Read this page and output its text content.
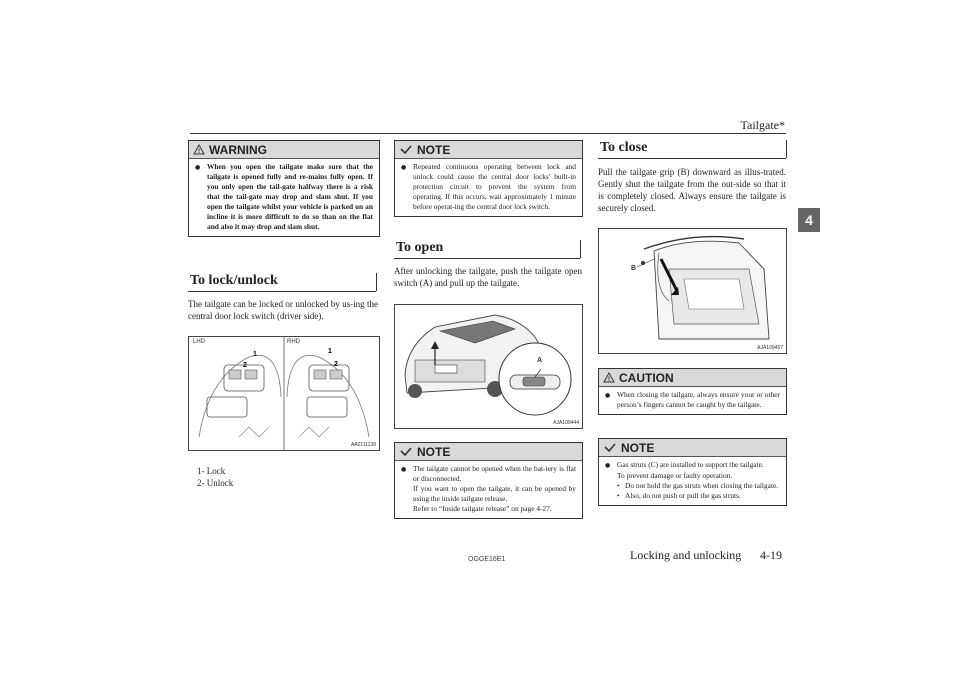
Tailgate*
4
! WARNING
● When you open the tailgate make sure that the tailgate is opened fully and re-mains fully open. If you only open the tail-gate halfway there is a risk that the tail-gate may drop and slam shut. If you open the tailgate whilst your vehicle is parked on an incline it is more difficult to do so than on the flat and also it may drop and slam shut.
To lock/unlock
The tailgate can be locked or unlocked by us-ing the central door lock switch (driver side).
1
2
1
2
LHD	RHD
AA0111138
1- Lock
2- Unlock
NOTE
● Repeated continuous operating between lock and unlock could cause the central door locks' built-in protection circuit to prevent the system from operating. If this occurs, wait approximately 1 minute before operat-ing the central door lock switch.
To open
After unlocking the tailgate, push the tailgate open switch (A) and pull up the tailgate.
A
AJA109444
NOTE
● The tailgate cannot be opened when the bat-tery is flat or disconnected.
If you want to open the tailgate, it can be opened by using the inside tailgate release.
Refer to “Inside tailgate release” on page 4-27.
To close
Pull the tailgate grip (B) downward as illus-trated. Gently shut the tailgate from the out-side so that it is completely closed. Always ensure the tailgate is securely closed.
B
AJA109457
! CAUTION
● When closing the tailgate, always ensure your or other person’s fingers cannot be caught by the tailgate.
NOTE
● Gas struts (C) are installed to support the tailgate.
To prevent damage or faulty operation.
• Do not hold the gas struts when closing the tailgate.
• Also, do not push or pull the gas struts.
OGGE16E1	Locking and unlocking 4-19
